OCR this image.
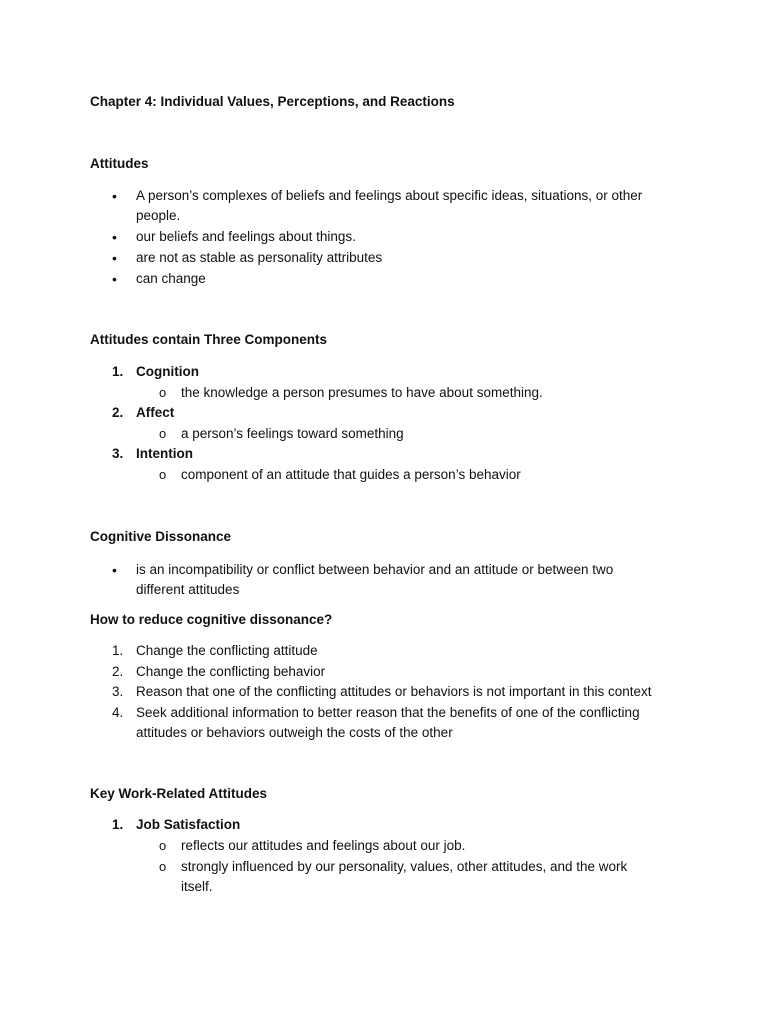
Chapter 4: Individual Values, Perceptions, and Reactions
Attitudes
•	A person’s complexes of beliefs and feelings about specific ideas, situations, or other people.
•	our beliefs and feelings about things.
•	are not as stable as personality attributes
•	can change
Attitudes contain Three Components
1. Cognition
o the knowledge a person presumes to have about something.
2. Affect
o a person’s feelings toward something
3. Intention
o component of an attitude that guides a person’s behavior
Cognitive Dissonance
•	is an incompatibility or conflict between behavior and an attitude or between two different attitudes
How to reduce cognitive dissonance?
1. Change the conflicting attitude
2. Change the conflicting behavior
3. Reason that one of the conflicting attitudes or behaviors is not important in this context
4. Seek additional information to better reason that the benefits of one of the conflicting attitudes or behaviors outweigh the costs of the other
Key Work-Related Attitudes
1. Job Satisfaction
o reflects our attitudes and feelings about our job.
o strongly influenced by our personality, values, other attitudes, and the work itself.
